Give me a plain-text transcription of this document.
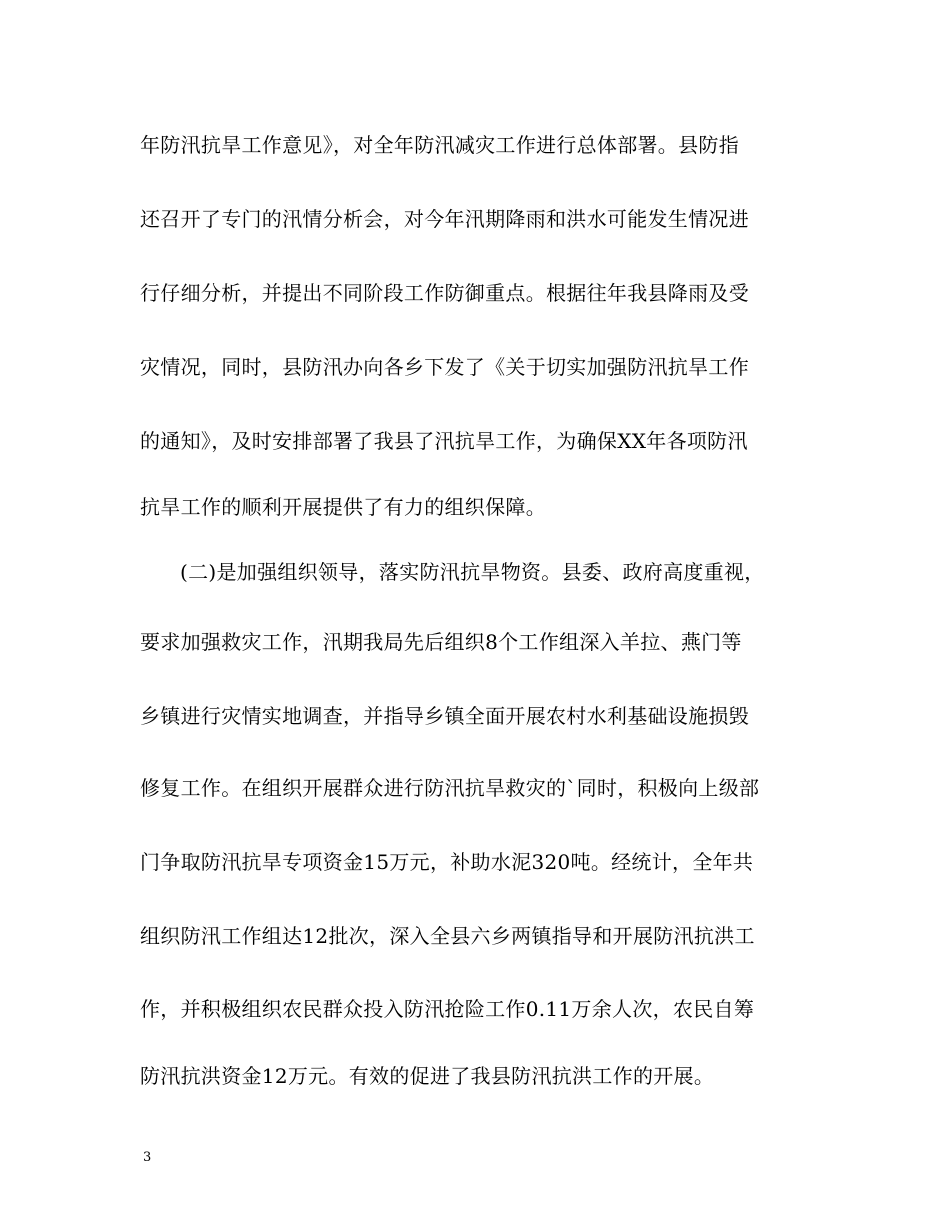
年防汛抗旱工作意见》，对全年防汛减灾工作进行总体部署。县防指
还召开了专门的汛情分析会，对今年汛期降雨和洪水可能发生情况进
行仔细分析，并提出不同阶段工作防御重点。根据往年我县降雨及受
灾情况，同时，县防汛办向各乡下发了《关于切实加强防汛抗旱工作
的通知》，及时安排部署了我县了汛抗旱工作，为确保XX年各项防汛
抗旱工作的顺利开展提供了有力的组织保障。
(二)是加强组织领导，落实防汛抗旱物资。县委、政府高度重视，
要求加强救灾工作，汛期我局先后组织8个工作组深入羊拉、燕门等
乡镇进行灾情实地调查，并指导乡镇全面开展农村水利基础设施损毁
修复工作。在组织开展群众进行防汛抗旱救灾的`同时，积极向上级部
门争取防汛抗旱专项资金15万元，补助水泥320吨。经统计，全年共
组织防汛工作组达12批次，深入全县六乡两镇指导和开展防汛抗洪工
作，并积极组织农民群众投入防汛抢险工作0.11万余人次，农民自筹
防汛抗洪资金12万元。有效的促进了我县防汛抗洪工作的开展。
3
